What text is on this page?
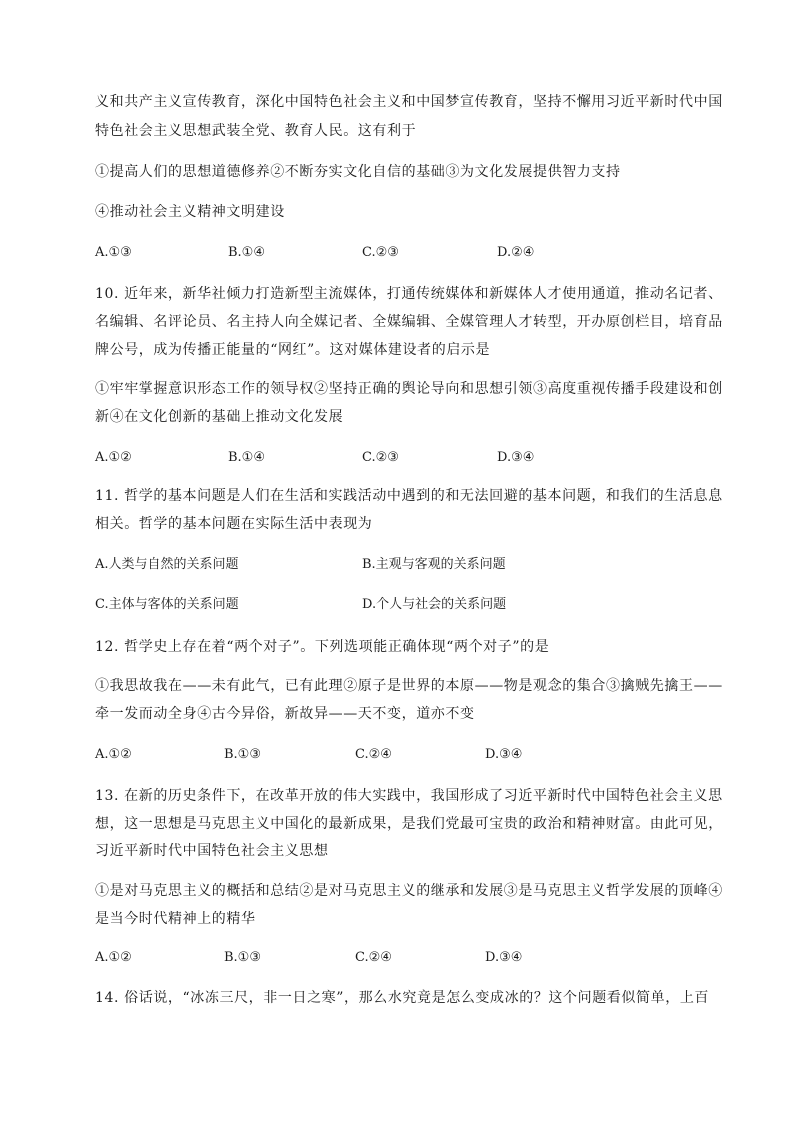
义和共产主义宣传教育，深化中国特色社会主义和中国梦宣传教育，坚持不懈用习近平新时代中国
特色社会主义思想武装全党、教育人民。这有利于
①提高人们的思想道德修养②不断夯实文化自信的基础③为文化发展提供智力支持
④推动社会主义精神文明建设
A.①③	B.①④	C.②③	D.②④
10. 近年来，新华社倾力打造新型主流媒体，打通传统媒体和新媒体人才使用通道，推动名记者、
名编辑、名评论员、名主持人向全媒记者、全媒编辑、全媒管理人才转型，开办原创栏目，培育品
牌公号，成为传播正能量的“网红”。这对媒体建设者的启示是
①牢牢掌握意识形态工作的领导权②坚持正确的舆论导向和思想引领③高度重视传播手段建设和创
新④在文化创新的基础上推动文化发展
A.①②	B.①④	C.②③	D.③④
11. 哲学的基本问题是人们在生活和实践活动中遇到的和无法回避的基本问题，和我们的生活息息
相关。哲学的基本问题在实际生活中表现为
A.人类与自然的关系问题	B.主观与客观的关系问题
C.主体与客体的关系问题	D.个人与社会的关系问题
12. 哲学史上存在着“两个对子”。下列选项能正确体现“两个对子”的是
①我思故我在——未有此气，已有此理②原子是世界的本原——物是观念的集合③擒贼先擒王——
牵一发而动全身④古今异俗，新故异——天不变，道亦不变
A.①②	B.①③	C.②④	D.③④
13. 在新的历史条件下，在改革开放的伟大实践中，我国形成了习近平新时代中国特色社会主义思
想，这一思想是马克思主义中国化的最新成果，是我们党最可宝贵的政治和精神财富。由此可见，
习近平新时代中国特色社会主义思想
①是对马克思主义的概括和总结②是对马克思主义的继承和发展③是马克思主义哲学发展的顶峰④
是当今时代精神上的精华
A.①②	B.①③	C.②④	D.③④
14. 俗话说，“冰冻三尺，非一日之寒”，那么水究竟是怎么变成冰的？这个问题看似简单，上百
